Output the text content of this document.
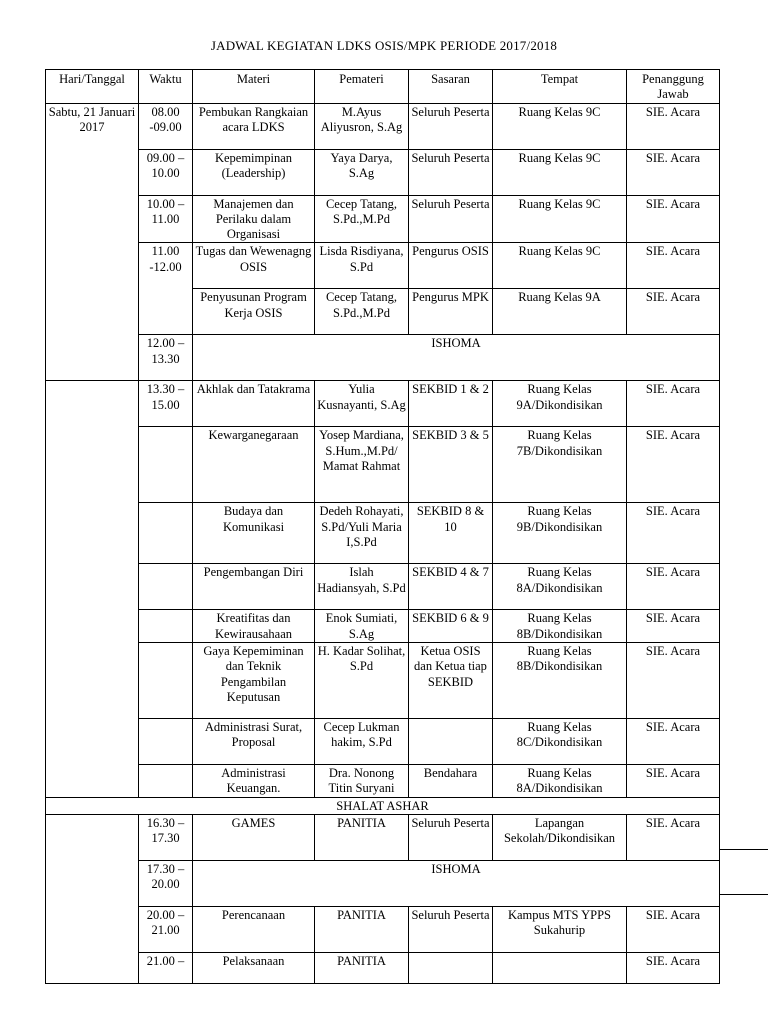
JADWAL KEGIATAN LDKS OSIS/MPK PERIODE 2017/2018
Hari/Tanggal	Waktu	Materi	Pemateri	Sasaran	Tempat	Penanggung Jawab
Sabtu, 21 Januari 2017	08.00 -09.00	Pembukan Rangkaian acara LDKS	M.Ayus Aliyusron, S.Ag	Seluruh Peserta	Ruang Kelas 9C	SIE. Acara
	09.00 – 10.00	Kepemimpinan (Leadership)	Yaya Darya, S.Ag	Seluruh Peserta	Ruang Kelas 9C	SIE. Acara
	10.00 – 11.00	Manajemen dan Perilaku dalam Organisasi	Cecep Tatang, S.Pd.,M.Pd	Seluruh Peserta	Ruang Kelas 9C	SIE. Acara
	11.00 -12.00	Tugas dan Wewenagng OSIS	Lisda Risdiyana, S.Pd	Pengurus OSIS	Ruang Kelas 9C	SIE. Acara
		Penyusunan Program Kerja OSIS	Cecep Tatang, S.Pd.,M.Pd	Pengurus MPK	Ruang Kelas 9A	SIE. Acara
	12.00 – 13.30	ISHOMA				
	13.30 – 15.00	Akhlak dan Tatakrama	Yulia Kusnayanti, S.Ag	SEKBID 1 & 2	Ruang Kelas 9A/Dikondisikan	SIE. Acara
		Kewarganegaraan	Yosep Mardiana, S.Hum.,M.Pd/ Mamat Rahmat	SEKBID 3 & 5	Ruang Kelas 7B/Dikondisikan	SIE. Acara
		Budaya dan Komunikasi	Dedeh Rohayati, S.Pd/Yuli Maria I,S.Pd	SEKBID 8 & 10	Ruang Kelas 9B/Dikondisikan	SIE. Acara
		Pengembangan Diri	Islah Hadiansyah, S.Pd	SEKBID 4 & 7	Ruang Kelas 8A/Dikondisikan	SIE. Acara
		Kreatifitas dan Kewirausahaan	Enok Sumiati, S.Ag	SEKBID 6 & 9	Ruang Kelas 8B/Dikondisikan	SIE. Acara
		Gaya Kepemiminan dan Teknik Pengambilan Keputusan	H. Kadar Solihat, S.Pd	Ketua OSIS dan Ketua tiap SEKBID	Ruang Kelas 8B/Dikondisikan	SIE. Acara
		Administrasi Surat, Proposal	Cecep Lukman hakim, S.Pd		Ruang Kelas 8C/Dikondisikan	SIE. Acara
		Administrasi Keuangan.	Dra. Nonong Titin Suryani	Bendahara	Ruang Kelas 8A/Dikondisikan	SIE. Acara
SHALAT ASHAR						
	16.30 – 17.30	GAMES	PANITIA	Seluruh Peserta	Lapangan Sekolah/Dikondisikan	SIE. Acara
	17.30 – 20.00	ISHOMA				
	20.00 – 21.00	Perencanaan	PANITIA	Seluruh Peserta	Kampus MTS YPPS Sukahurip	SIE. Acara
	21.00 –	Pelaksanaan	PANITIA			SIE. Acara
